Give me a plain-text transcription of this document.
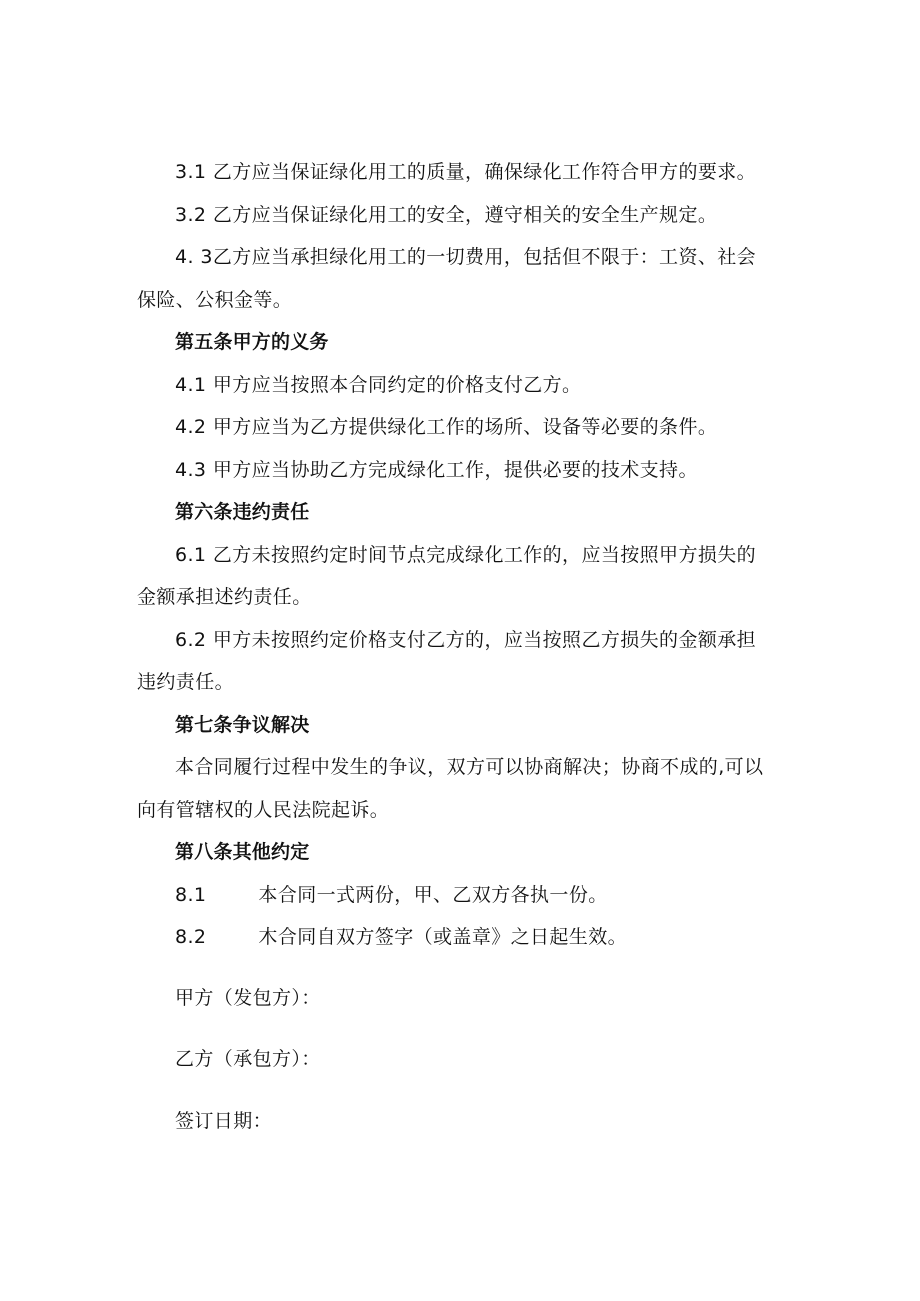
3.1 乙方应当保证绿化用工的质量，确保绿化工作符合甲方的要求。
3.2 乙方应当保证绿化用工的安全，遵守相关的安全生产规定。
4. 3乙方应当承担绿化用工的一切费用，包括但不限于：工资、社会
保险、公积金等。
第五条甲方的义务
4.1 甲方应当按照本合同约定的价格支付乙方。
4.2 甲方应当为乙方提供绿化工作的场所、设备等必要的条件。
4.3 甲方应当协助乙方完成绿化工作，提供必要的技术支持。
第六条违约责任
6.1 乙方未按照约定时间节点完成绿化工作的，应当按照甲方损失的
金额承担述约责任。
6.2 甲方未按照约定价格支付乙方的，应当按照乙方损失的金额承担
违约责任。
第七条争议解决
本合同履行过程中发生的争议，双方可以协商解决；协商不成的,可以
向有管辖权的人民法院起诉。
第八条其他约定
8.1	本合同一式两份，甲、乙双方各执一份。
8.2	木合同自双方签字（或盖章》之日起生效。
甲方（发包方）：
乙方（承包方）：
签订日期：
